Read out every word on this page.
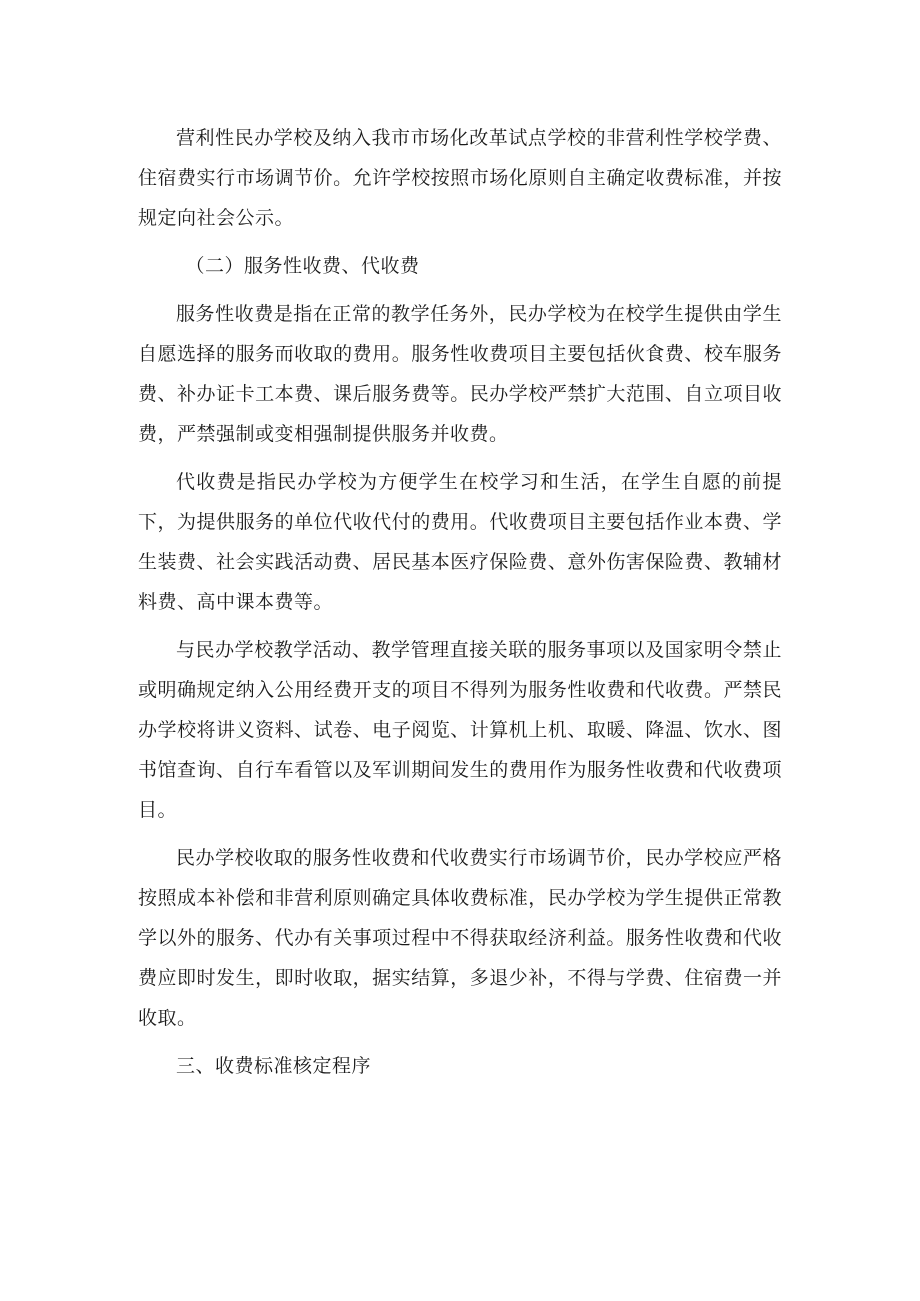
营利性民办学校及纳入我市市场化改革试点学校的非营利性学校学费、住宿费实行市场调节价。允许学校按照市场化原则自主确定收费标准，并按规定向社会公示。

（二）服务性收费、代收费

服务性收费是指在正常的教学任务外，民办学校为在校学生提供由学生自愿选择的服务而收取的费用。服务性收费项目主要包括伙食费、校车服务费、补办证卡工本费、课后服务费等。民办学校严禁扩大范围、自立项目收费，严禁强制或变相强制提供服务并收费。

代收费是指民办学校为方便学生在校学习和生活，在学生自愿的前提下，为提供服务的单位代收代付的费用。代收费项目主要包括作业本费、学生装费、社会实践活动费、居民基本医疗保险费、意外伤害保险费、教辅材料费、高中课本费等。

与民办学校教学活动、教学管理直接关联的服务事项以及国家明令禁止或明确规定纳入公用经费开支的项目不得列为服务性收费和代收费。严禁民办学校将讲义资料、试卷、电子阅览、计算机上机、取暖、降温、饮水、图书馆查询、自行车看管以及军训期间发生的费用作为服务性收费和代收费项目。

民办学校收取的服务性收费和代收费实行市场调节价，民办学校应严格按照成本补偿和非营利原则确定具体收费标准，民办学校为学生提供正常教学以外的服务、代办有关事项过程中不得获取经济利益。服务性收费和代收费应即时发生，即时收取，据实结算，多退少补，不得与学费、住宿费一并收取。

三、收费标准核定程序
